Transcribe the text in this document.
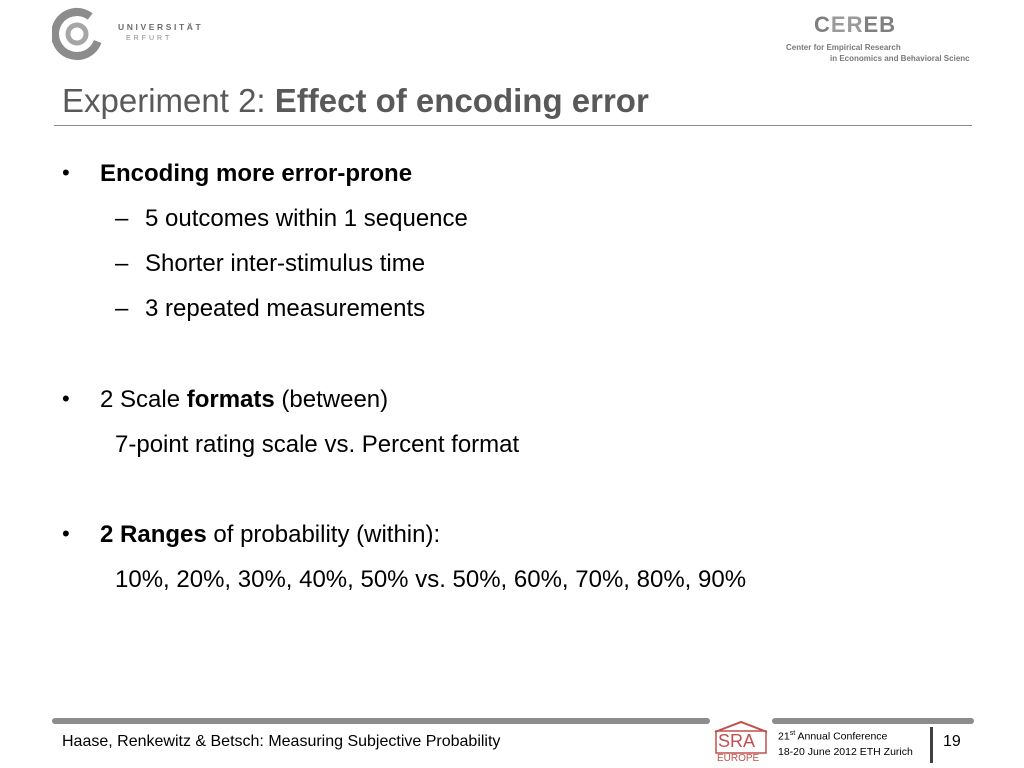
UNIVERSITÄT
ERFURT
CEREB
Center for Empirical Research
in Economics and Behavioral Scienc
Experiment 2: Effect of encoding error
• Encoding more error-prone
– 5 outcomes within 1 sequence
– Shorter inter-stimulus time
– 3 repeated measurements
• 2 Scale formats (between)
7-point rating scale vs. Percent format
• 2 Ranges of probability (within):
10%, 20%, 30%, 40%, 50% vs. 50%, 60%, 70%, 80%, 90%
Haase, Renkewitz & Betsch: Measuring Subjective Probability	SRA
EUROPE
21st Annual Conference
18-20 June 2012 ETH Zurich
19
